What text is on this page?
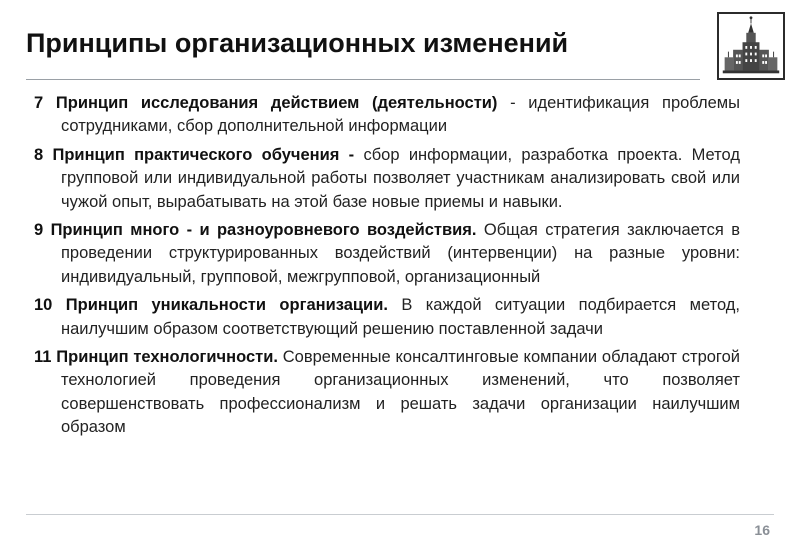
Принципы организационных изменений
7 Принцип исследования действием (деятельности) - идентификация проблемы сотрудниками, сбор дополнительной информации
8 Принцип практического обучения - сбор информации, разработка проекта. Метод групповой или индивидуальной работы позволяет участникам анализировать свой или чужой опыт, вырабатывать на этой базе новые приемы и навыки.
9 Принцип много - и разноуровневого воздействия. Общая стратегия заключается в проведении структурированных воздействий (интервенции) на разные уровни: индивидуальный, групповой, межгрупповой, организационный
10 Принцип уникальности организации. В каждой ситуации подбирается метод, наилучшим образом соответствующий решению поставленной задачи
11 Принцип технологичности. Современные консалтинговые компании обладают строгой технологией проведения организационных изменений, что позволяет совершенствовать профессионализм и решать задачи организации наилучшим образом
16
